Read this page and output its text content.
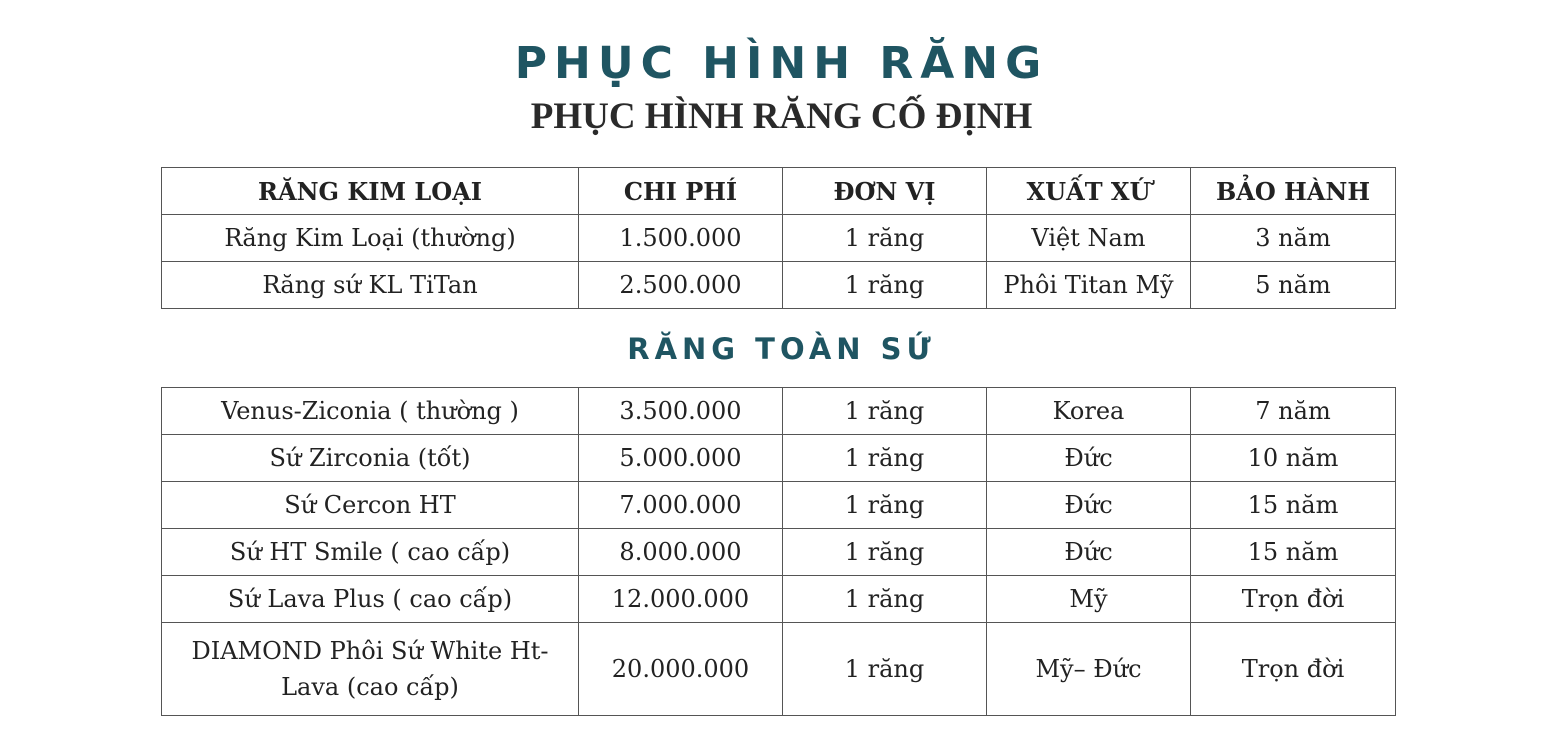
PHỤC HÌNH RĂNG
PHỤC HÌNH RĂNG CỐ ĐỊNH
RĂNG KIM LOẠI	CHI PHÍ	ĐƠN VỊ	XUẤT XỨ	BẢO HÀNH
Răng Kim Loại (thường)	1.500.000	1 răng	Việt Nam	3 năm
Răng sứ KL TiTan	2.500.000	1 răng	Phôi Titan Mỹ	5 năm
RĂNG TOÀN SỨ
Venus-Ziconia ( thường )	3.500.000	1 răng	Korea	7 năm
Sứ Zirconia (tốt)	5.000.000	1 răng	Đức	10 năm
Sứ Cercon HT	7.000.000	1 răng	Đức	15 năm
Sứ HT Smile ( cao cấp)	8.000.000	1 răng	Đức	15 năm
Sứ Lava Plus ( cao cấp)	12.000.000	1 răng	Mỹ	Trọn đời
DIAMOND Phôi Sứ White Ht-Lava (cao cấp)	20.000.000	1 răng	Mỹ– Đức	Trọn đời
